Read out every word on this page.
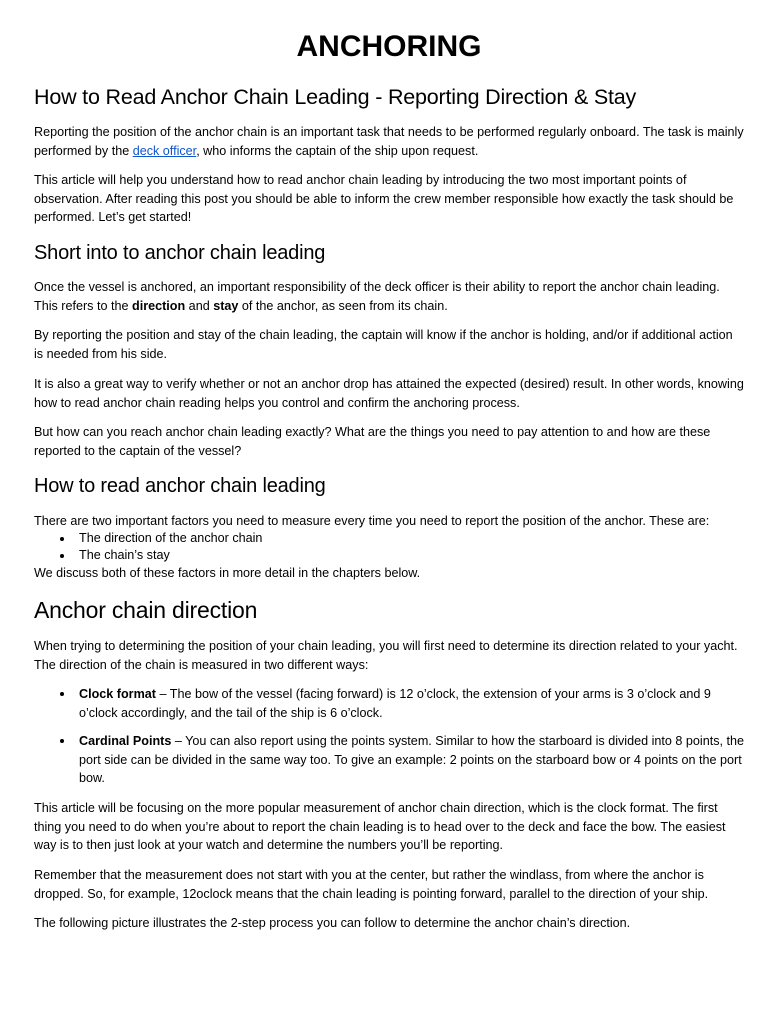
ANCHORING
How to Read Anchor Chain Leading - Reporting Direction & Stay

Reporting the position of the anchor chain is an important task that needs to be performed regularly onboard. The task is mainly performed by the deck officer, who informs the captain of the ship upon request.

This article will help you understand how to read anchor chain leading by introducing the two most important points of observation. After reading this post you should be able to inform the crew member responsible how exactly the task should be performed. Let’s get started!

Short into to anchor chain leading

Once the vessel is anchored, an important responsibility of the deck officer is their ability to report the anchor chain leading. This refers to the direction and stay of the anchor, as seen from its chain.

By reporting the position and stay of the chain leading, the captain will know if the anchor is holding, and/or if additional action is needed from his side.

It is also a great way to verify whether or not an anchor drop has attained the expected (desired) result. In other words, knowing how to read anchor chain reading helps you control and confirm the anchoring process.

But how can you reach anchor chain leading exactly? What are the things you need to pay attention to and how are these reported to the captain of the vessel?

How to read anchor chain leading

There are two important factors you need to measure every time you need to report the position of the anchor. These are:

The direction of the anchor chain
The chain’s stay

We discuss both of these factors in more detail in the chapters below.

Anchor chain direction

When trying to determining the position of your chain leading, you will first need to determine its direction related to your yacht. The direction of the chain is measured in two different ways:

Clock format – The bow of the vessel (facing forward) is 12 o’clock, the extension of your arms is 3 o’clock and 9 o’clock accordingly, and the tail of the ship is 6 o’clock.
Cardinal Points – You can also report using the points system. Similar to how the starboard is divided into 8 points, the port side can be divided in the same way too. To give an example: 2 points on the starboard bow or 4 points on the port bow.

This article will be focusing on the more popular measurement of anchor chain direction, which is the clock format. The first thing you need to do when you’re about to report the chain leading is to head over to the deck and face the bow. The easiest way is to then just look at your watch and determine the numbers you’ll be reporting.

Remember that the measurement does not start with you at the center, but rather the windlass, from where the anchor is dropped. So, for example, 12oclock means that the chain leading is pointing forward, parallel to the direction of your ship.

The following picture illustrates the 2-step process you can follow to determine the anchor chain’s direction.
